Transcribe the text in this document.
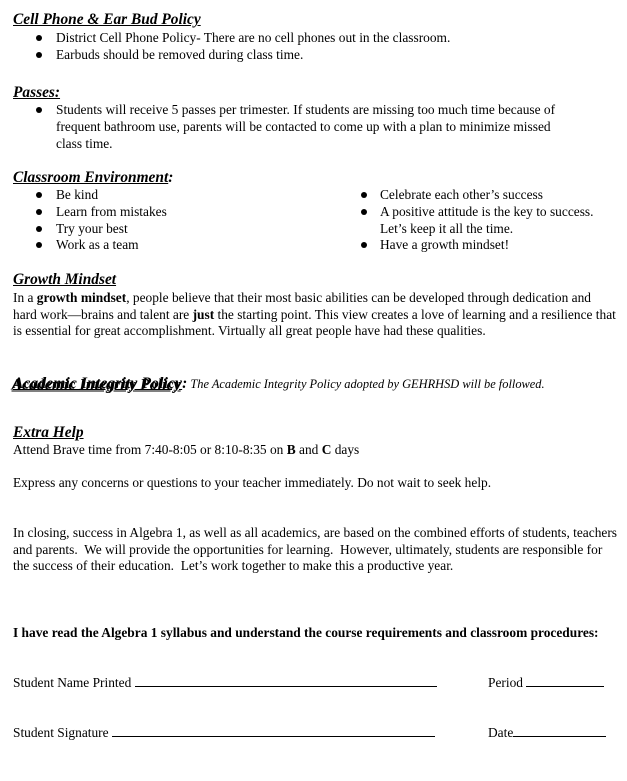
Cell Phone & Ear Bud Policy
District Cell Phone Policy- There are no cell phones out in the classroom.
Earbuds should be removed during class time.
Passes:
Students will receive 5 passes per trimester. If students are missing too much time because of
frequent bathroom use, parents will be contacted to come up with a plan to minimize missed
class time.
Classroom Environment:
Be kind
Learn from mistakes
Try your best
Work as a team
Celebrate each other’s success
A positive attitude is the key to success.
Let’s keep it all the time.
Have a growth mindset!
Growth Mindset
In a growth mindset, people believe that their most basic abilities can be developed through dedication and hard work—brains and talent are just the starting point. This view creates a love of learning and a resilience that is essential for great accomplishment. Virtually all great people have had these qualities.
Academic Integrity Policy: The Academic Integrity Policy adopted by GEHRHSD will be followed.
Extra Help
Attend Brave time from 7:40-8:05 or 8:10-8:35 on B and C days
Express any concerns or questions to your teacher immediately. Do not wait to seek help.
In closing, success in Algebra 1, as well as all academics, are based on the combined efforts of students, teachers and parents.  We will provide the opportunities for learning.  However, ultimately, students are responsible for the success of their education.  Let’s work together to make this a productive year.
I have read the Algebra 1 syllabus and understand the course requirements and classroom procedures:
Student Name Printed	Period
Student Signature	Date
